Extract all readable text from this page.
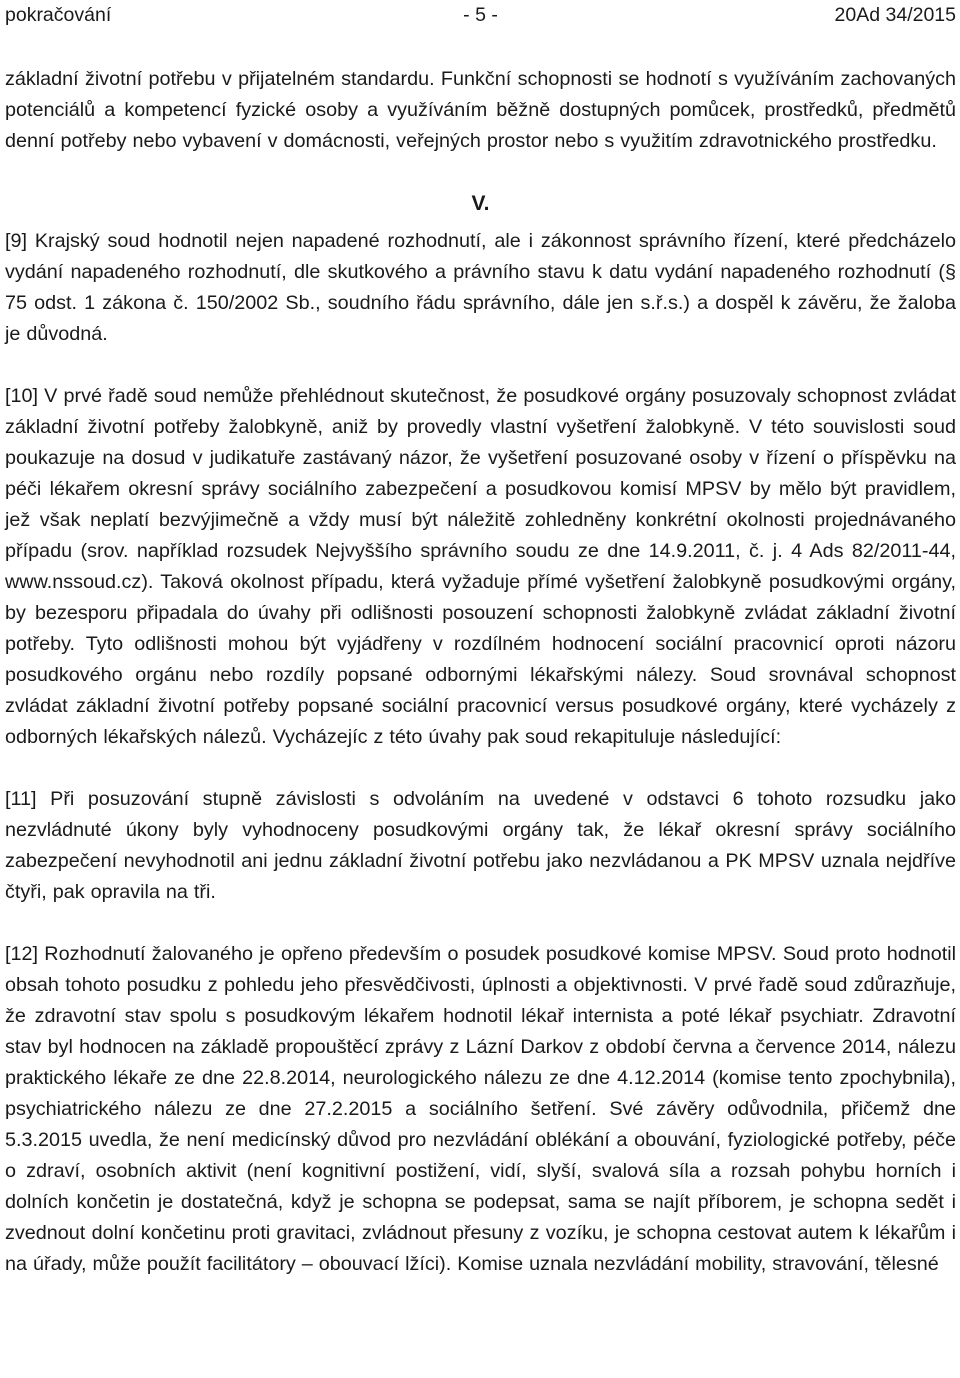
pokračování	- 5 -	20Ad 34/2015

základní životní potřebu v přijatelném standardu. Funkční schopnosti se hodnotí s využíváním zachovaných potenciálů a kompetencí fyzické osoby a využíváním běžně dostupných pomůcek, prostředků, předmětů denní potřeby nebo vybavení v domácnosti, veřejných prostor nebo s využitím zdravotnického prostředku.

V.

[9] Krajský soud hodnotil nejen napadené rozhodnutí, ale i zákonnost správního řízení, které předcházelo vydání napadeného rozhodnutí, dle skutkového a právního stavu k datu vydání napadeného rozhodnutí (§ 75 odst. 1 zákona č. 150/2002 Sb., soudního řádu správního, dále jen s.ř.s.) a dospěl k závěru, že žaloba je důvodná.

[10] V prvé řadě soud nemůže přehlédnout skutečnost, že posudkové orgány posuzovaly schopnost zvládat základní životní potřeby žalobkyně, aniž by provedly vlastní vyšetření žalobkyně. V této souvislosti soud poukazuje na dosud v judikatuře zastávaný názor, že vyšetření posuzované osoby v řízení o příspěvku na péči lékařem okresní správy sociálního zabezpečení a posudkovou komisí MPSV by mělo být pravidlem, jež však neplatí bezvýjimečně a vždy musí být náležitě zohledněny konkrétní okolnosti projednávaného případu (srov. například rozsudek Nejvyššího správního soudu ze dne 14.9.2011, č. j. 4 Ads 82/2011-44, www.nssoud.cz). Taková okolnost případu, která vyžaduje přímé vyšetření žalobkyně posudkovými orgány, by bezesporu připadala do úvahy při odlišnosti posouzení schopnosti žalobkyně zvládat základní životní potřeby. Tyto odlišnosti mohou být vyjádřeny v rozdílném hodnocení sociální pracovnicí oproti názoru posudkového orgánu nebo rozdíly popsané odbornými lékařskými nálezy. Soud srovnával schopnost zvládat základní životní potřeby popsané sociální pracovnicí versus posudkové orgány, které vycházely z odborných lékařských nálezů. Vycházejíc z této úvahy pak soud rekapituluje následující:

[11] Při posuzování stupně závislosti s odvoláním na uvedené v odstavci 6 tohoto rozsudku jako nezvládnuté úkony byly vyhodnoceny posudkovými orgány tak, že lékař okresní správy sociálního zabezpečení nevyhodnotil ani jednu základní životní potřebu jako nezvládanou a PK MPSV uznala nejdříve čtyři, pak opravila na tři.

[12] Rozhodnutí žalovaného je opřeno především o posudek posudkové komise MPSV. Soud proto hodnotil obsah tohoto posudku z pohledu jeho přesvědčivosti, úplnosti a objektivnosti. V prvé řadě soud zdůrazňuje, že zdravotní stav spolu s posudkovým lékařem hodnotil lékař internista a poté lékař psychiatr. Zdravotní stav byl hodnocen na základě propouštěcí zprávy z Lázní Darkov z období června a července 2014, nálezu praktického lékaře ze dne 22.8.2014, neurologického nálezu ze dne 4.12.2014 (komise tento zpochybnila), psychiatrického nálezu ze dne 27.2.2015 a sociálního šetření. Své závěry odůvodnila, přičemž dne 5.3.2015 uvedla, že není medicínský důvod pro nezvládání oblékání a obouvání, fyziologické potřeby, péče o zdraví, osobních aktivit (není kognitivní postižení, vidí, slyší, svalová síla a rozsah pohybu horních i dolních končetin je dostatečná, když je schopna se podepsat, sama se najít příborem, je schopna sedět i zvednout dolní končetinu proti gravitaci, zvládnout přesuny z vozíku, je schopna cestovat autem k lékařům i na úřady, může použít facilitátory – obouvací lžíci). Komise uznala nezvládání mobility, stravování, tělesné
